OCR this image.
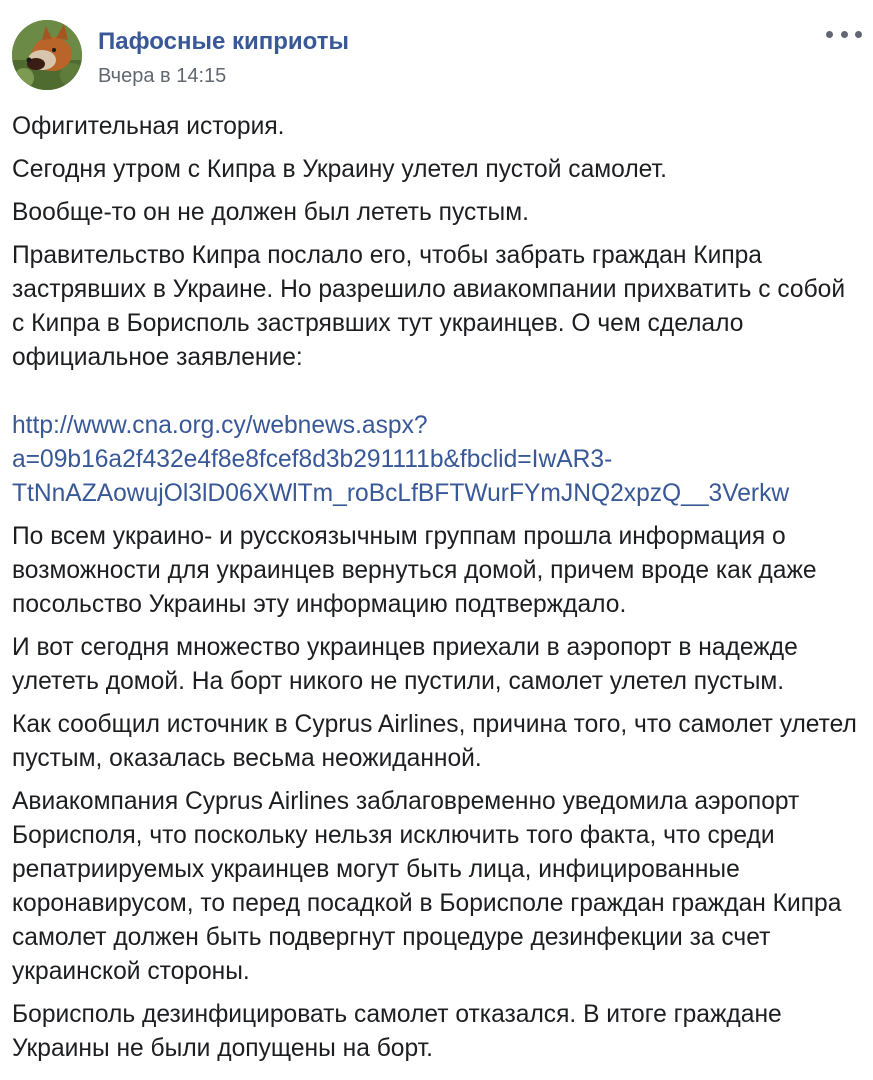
Пафосные киприоты
Вчера в 14:15

Офигительная история.

Сегодня утром с Кипра в Украину улетел пустой самолет.

Вообще-то он не должен был лететь пустым.

Правительство Кипра послало его, чтобы забрать граждан Кипра застрявших в Украине. Но разрешило авиакомпании прихватить с собой с Кипра в Борисполь застрявших тут украинцев. О чем сделало официальное заявление:

http://www.cna.org.cy/webnews.aspx?
a=09b16a2f432e4f8e8fcef8d3b291111b&fbclid=IwAR3-
TtNnAZAowujOl3lD06XWlTm_roBcLfBFTWurFYmJNQ2xpzQ__3Verkw

По всем украино- и русскоязычным группам прошла информация о возможности для украинцев вернуться домой, причем вроде как даже посольство Украины эту информацию подтверждало.

И вот сегодня множество украинцев приехали в аэропорт в надежде улететь домой. На борт никого не пустили, самолет улетел пустым.

Как сообщил источник в Cyprus Airlines, причина того, что самолет улетел пустым, оказалась весьма неожиданной.

Авиакомпания Cyprus Airlines заблаговременно уведомила аэропорт Борисполя, что поскольку нельзя исключить того факта, что среди репатриируемых украинцев могут быть лица, инфицированные коронавирусом, то перед посадкой в Борисполе граждан граждан Кипра самолет должен быть подвергнут процедуре дезинфекции за счет украинской стороны.

Борисполь дезинфицировать самолет отказался. В итоге граждане Украины не были допущены на борт.
